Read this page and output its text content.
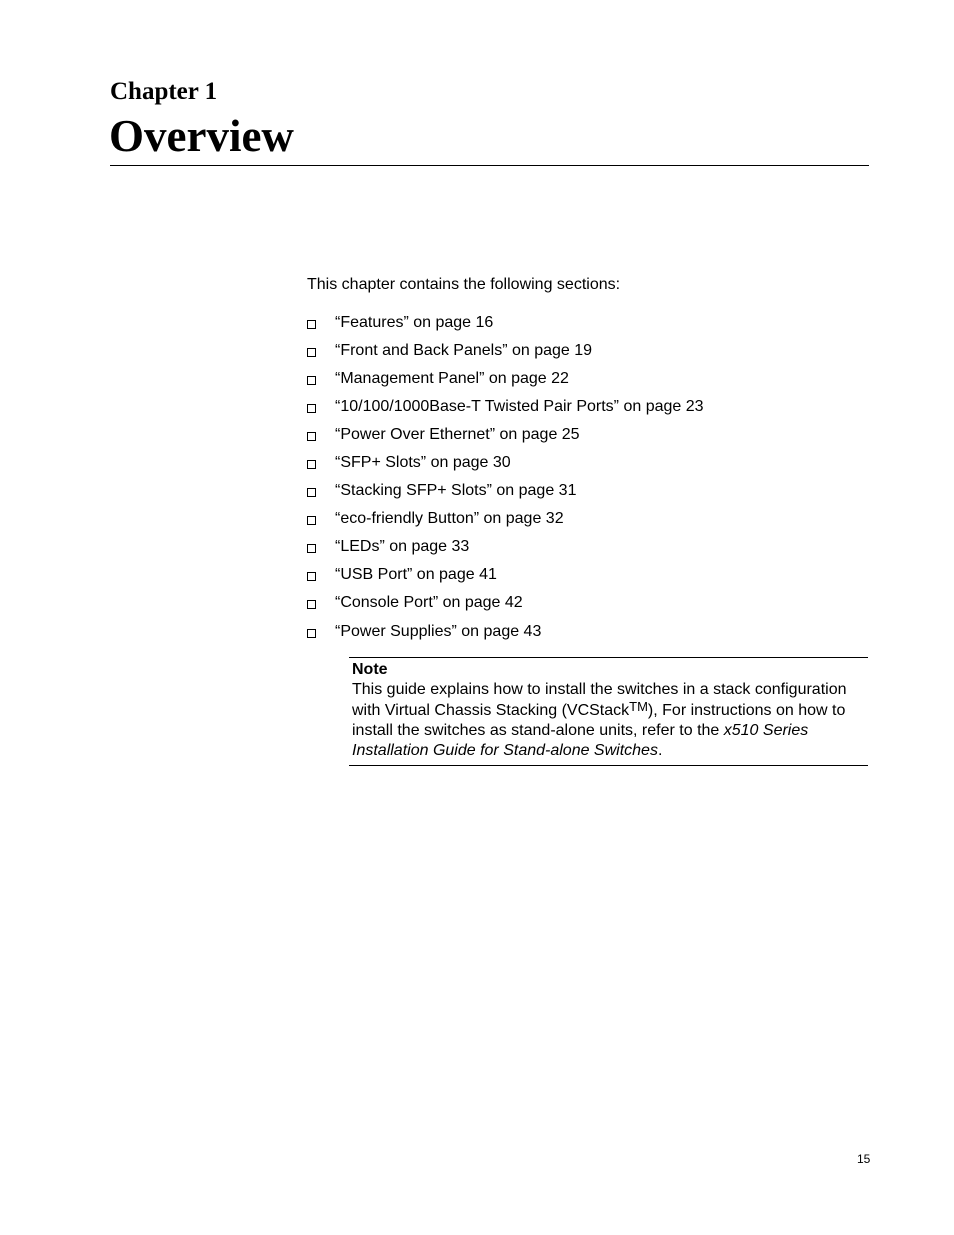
Chapter 1
Overview

This chapter contains the following sections:

“Features” on page 16
“Front and Back Panels” on page 19
“Management Panel” on page 22
“10/100/1000Base-T Twisted Pair Ports” on page 23
“Power Over Ethernet” on page 25
“SFP+ Slots” on page 30
“Stacking SFP+ Slots” on page 31
“eco-friendly Button” on page 32
“LEDs” on page 33
“USB Port” on page 41
“Console Port” on page 42
“Power Supplies” on page 43

Note

This guide explains how to install the switches in a stack configuration with Virtual Chassis Stacking (VCStack™), For instructions on how to install the switches as stand-alone units, refer to the x510 Series Installation Guide for Stand-alone Switches.

15
